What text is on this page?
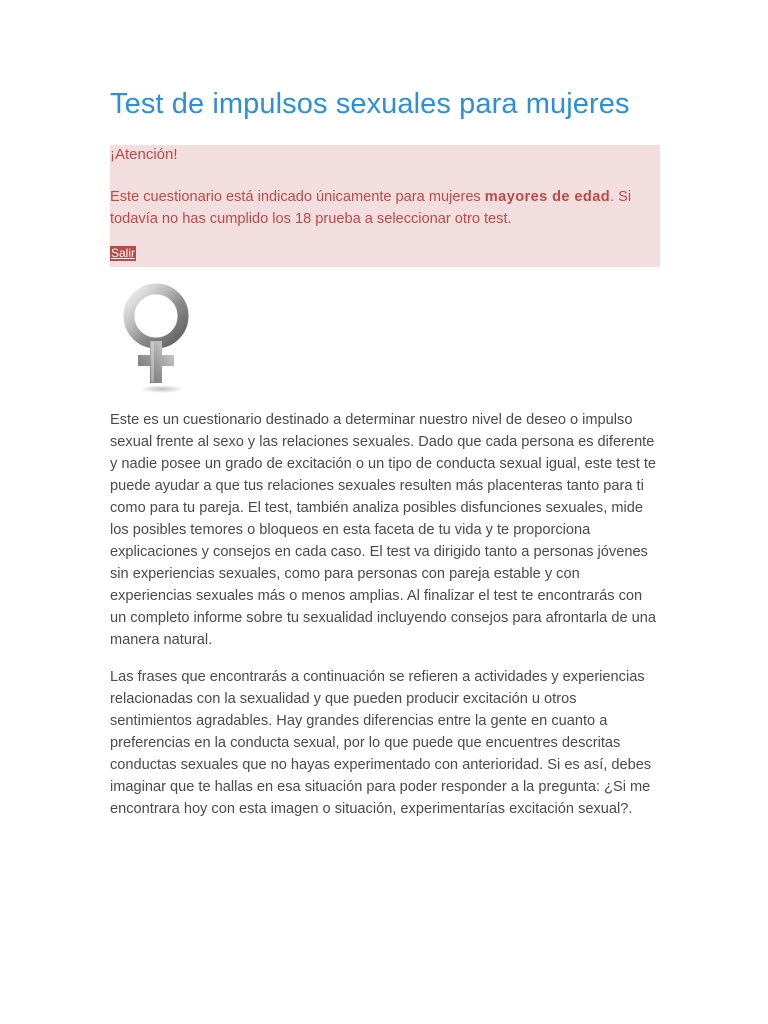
Test de impulsos sexuales para mujeres

¡Atención!

Este cuestionario está indicado únicamente para mujeres mayores de edad. Si todavía no has cumplido los 18 prueba a seleccionar otro test.

Salir

Este es un cuestionario destinado a determinar nuestro nivel de deseo o impulso sexual frente al sexo y las relaciones sexuales. Dado que cada persona es diferente y nadie posee un grado de excitación o un tipo de conducta sexual igual, este test te puede ayudar a que tus relaciones sexuales resulten más placenteras tanto para ti como para tu pareja. El test, también analiza posibles disfunciones sexuales, mide los posibles temores o bloqueos en esta faceta de tu vida y te proporciona explicaciones y consejos en cada caso. El test va dirigido tanto a personas jóvenes sin experiencias sexuales, como para personas con pareja estable y con experiencias sexuales más o menos amplias. Al finalizar el test te encontrarás con un completo informe sobre tu sexualidad incluyendo consejos para afrontarla de una manera natural.

Las frases que encontrarás a continuación se refieren a actividades y experiencias relacionadas con la sexualidad y que pueden producir excitación u otros sentimientos agradables. Hay grandes diferencias entre la gente en cuanto a preferencias en la conducta sexual, por lo que puede que encuentres descritas conductas sexuales que no hayas experimentado con anterioridad. Si es así, debes imaginar que te hallas en esa situación para poder responder a la pregunta: ¿Si me encontrara hoy con esta imagen o situación, experimentarías excitación sexual?.
